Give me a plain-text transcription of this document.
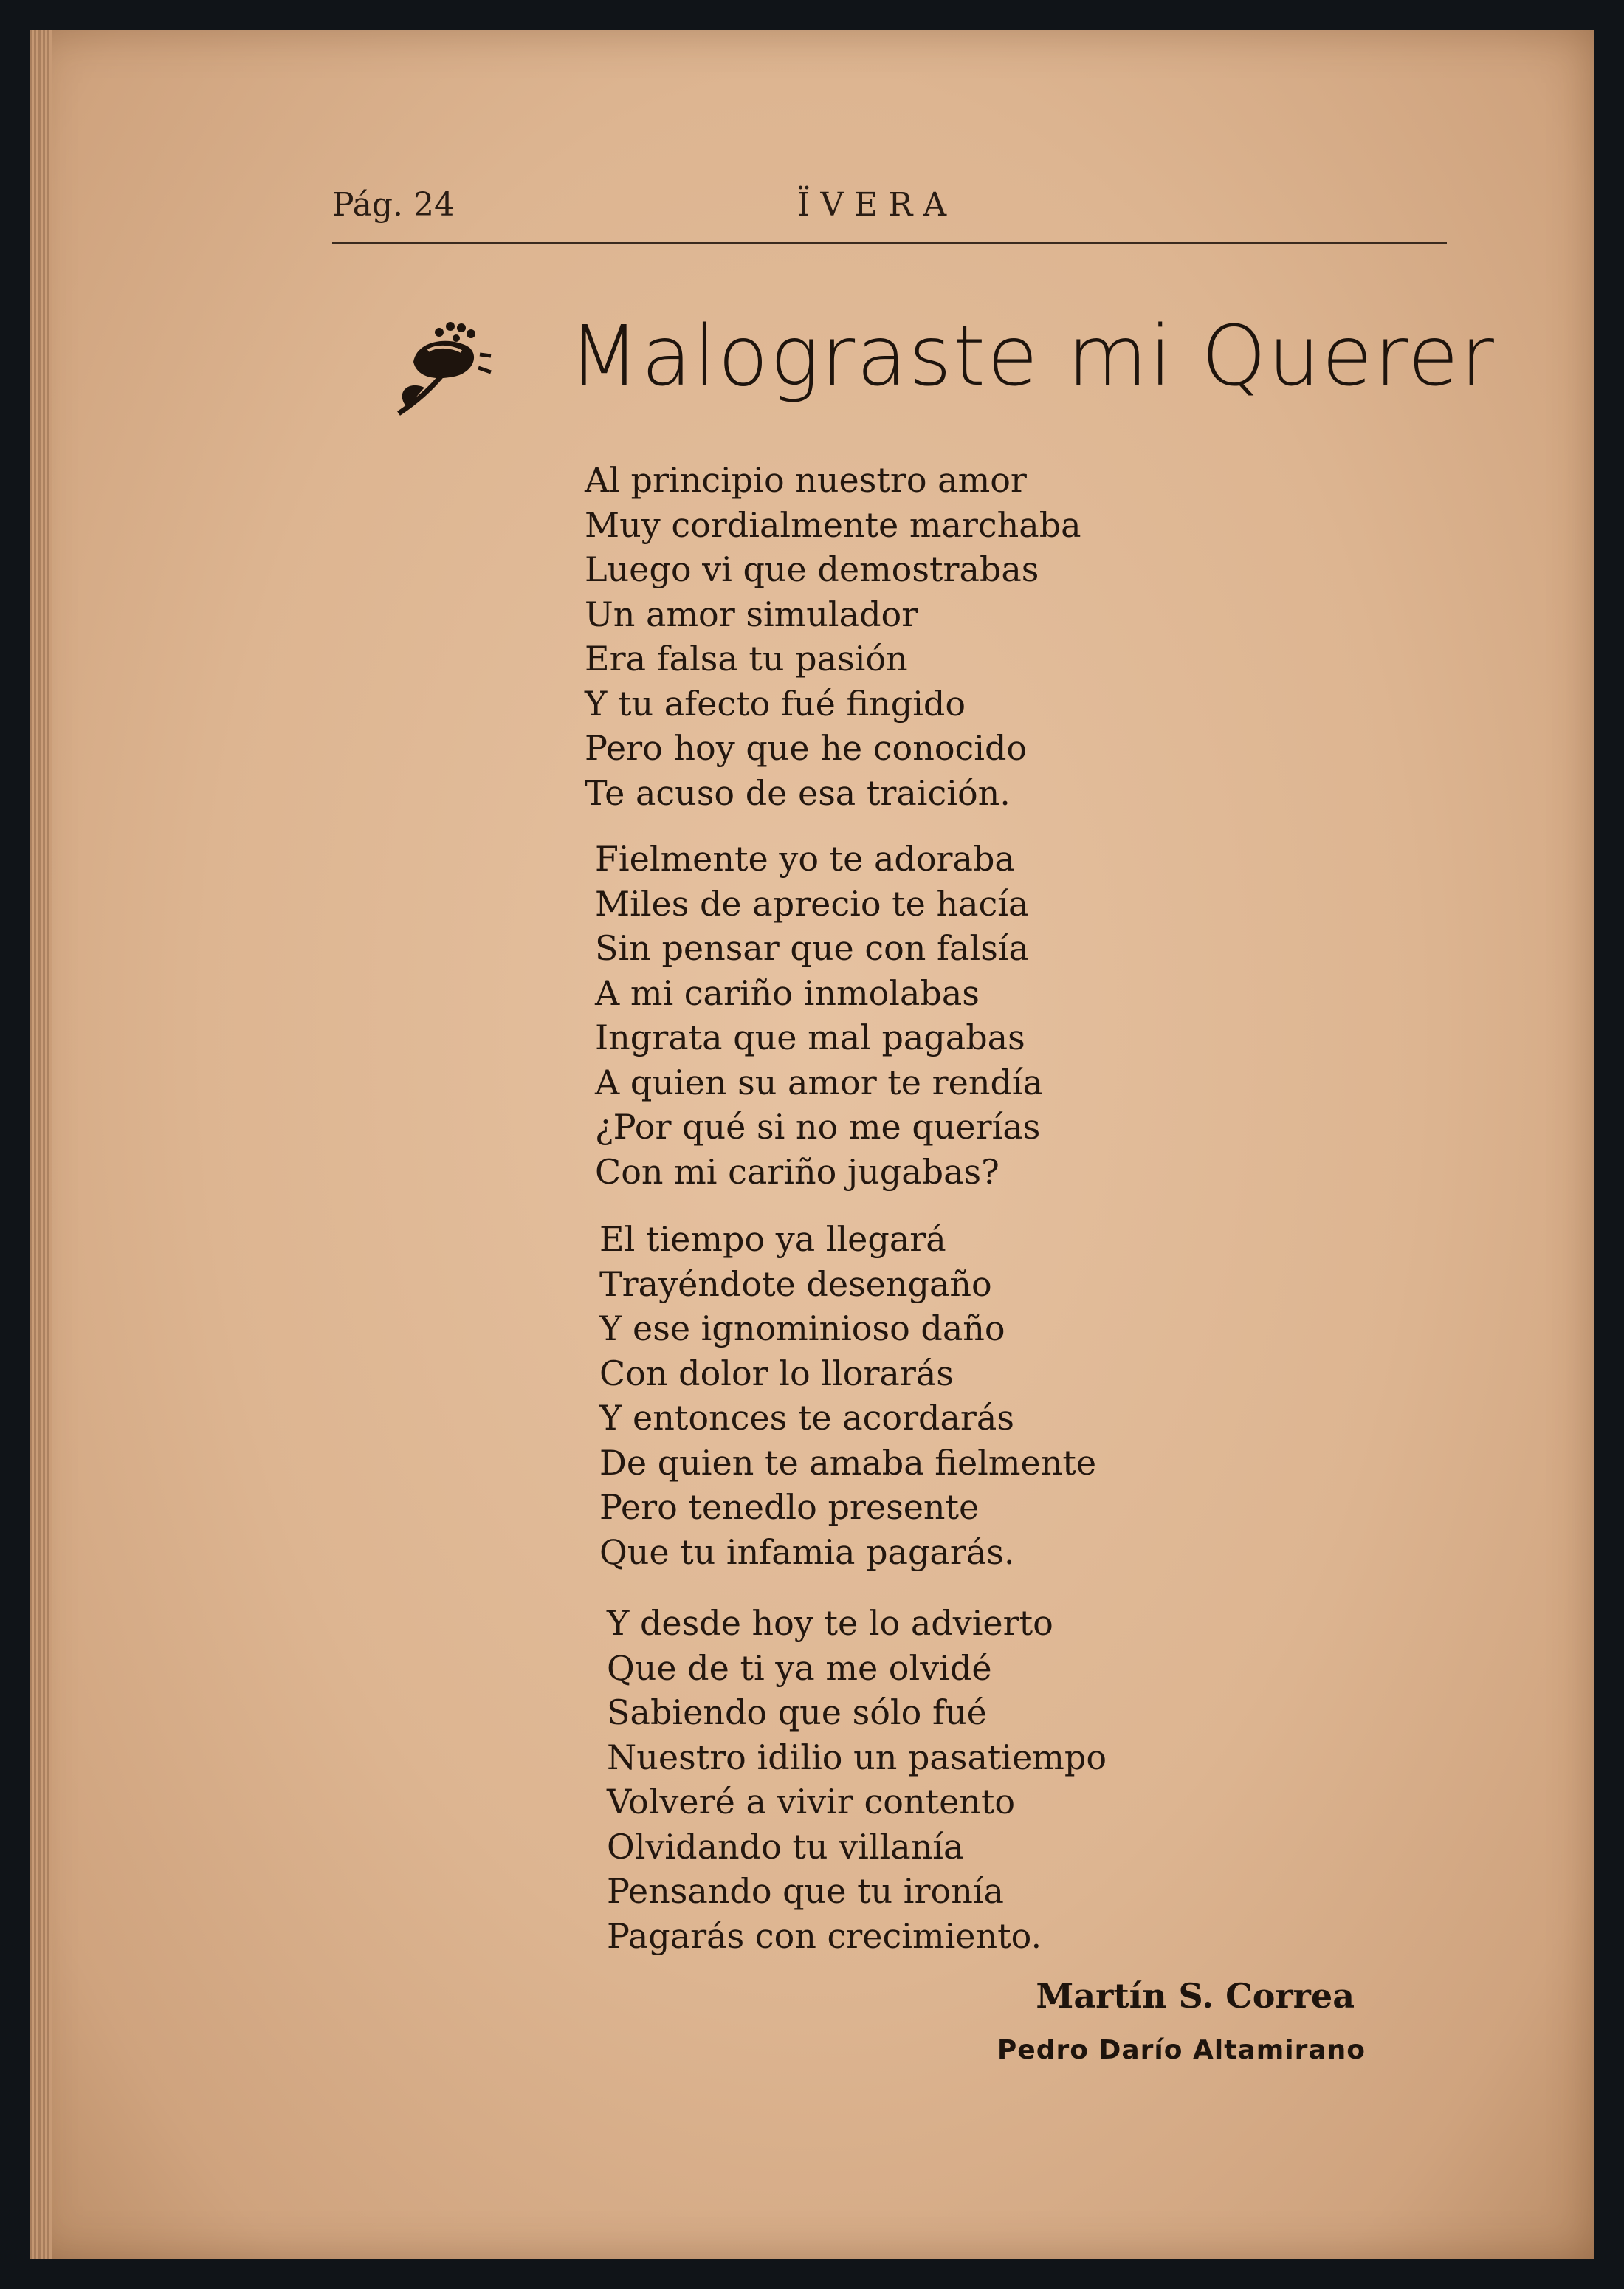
Pág. 24	ÏVERA
Malograste mi Querer
Al principio nuestro amor
Muy cordialmente marchaba
Luego vi que demostrabas
Un amor simulador
Era falsa tu pasión
Y tu afecto fué fingido
Pero hoy que he conocido
Te acuso de esa traición.
Fielmente yo te adoraba
Miles de aprecio te hacía
Sin pensar que con falsía
A mi cariño inmolabas
Ingrata que mal pagabas
A quien su amor te rendía
¿Por qué si no me querías
Con mi cariño jugabas?
El tiempo ya llegará
Trayéndote desengaño
Y ese ignominioso daño
Con dolor lo llorarás
Y entonces te acordarás
De quien te amaba fielmente
Pero tenedlo presente
Que tu infamia pagarás.
Y desde hoy te lo advierto
Que de ti ya me olvidé
Sabiendo que sólo fué
Nuestro idilio un pasatiempo
Volveré a vivir contento
Olvidando tu villanía
Pensando que tu ironía
Pagarás con crecimiento.
Martín S. Correa
Pedro Darío Altamirano
